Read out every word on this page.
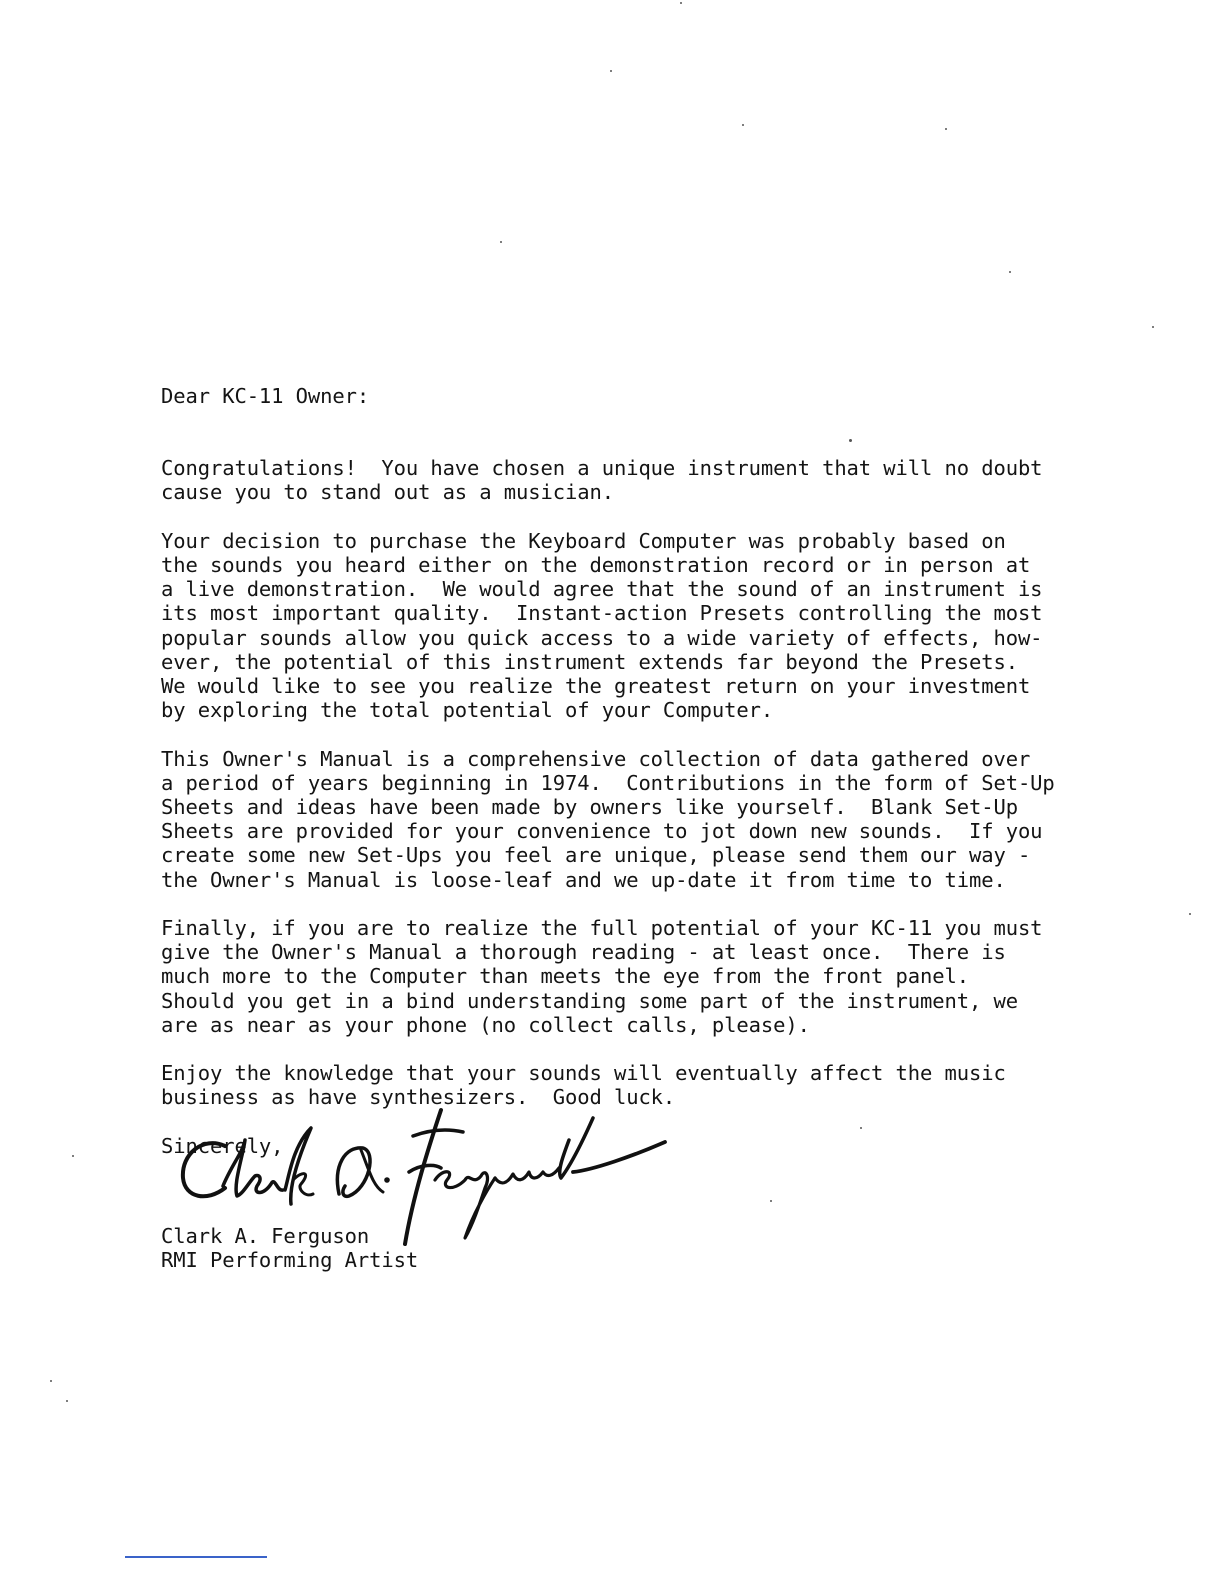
Dear KC-11 Owner:
Congratulations!  You have chosen a unique instrument that will no doubt
cause you to stand out as a musician.
Your decision to purchase the Keyboard Computer was probably based on
the sounds you heard either on the demonstration record or in person at
a live demonstration.  We would agree that the sound of an instrument is
its most important quality.  Instant-action Presets controlling the most
popular sounds allow you quick access to a wide variety of effects, how-
ever, the potential of this instrument extends far beyond the Presets.
We would like to see you realize the greatest return on your investment
by exploring the total potential of your Computer.
This Owner's Manual is a comprehensive collection of data gathered over
a period of years beginning in 1974.  Contributions in the form of Set-Up
Sheets and ideas have been made by owners like yourself.  Blank Set-Up
Sheets are provided for your convenience to jot down new sounds.  If you
create some new Set-Ups you feel are unique, please send them our way -
the Owner's Manual is loose-leaf and we up-date it from time to time.
Finally, if you are to realize the full potential of your KC-11 you must
give the Owner's Manual a thorough reading - at least once.  There is
much more to the Computer than meets the eye from the front panel.
Should you get in a bind understanding some part of the instrument, we
are as near as your phone (no collect calls, please).
Enjoy the knowledge that your sounds will eventually affect the music
business as have synthesizers.  Good luck.
Sincerely,
Clark A. Ferguson
RMI Performing Artist
